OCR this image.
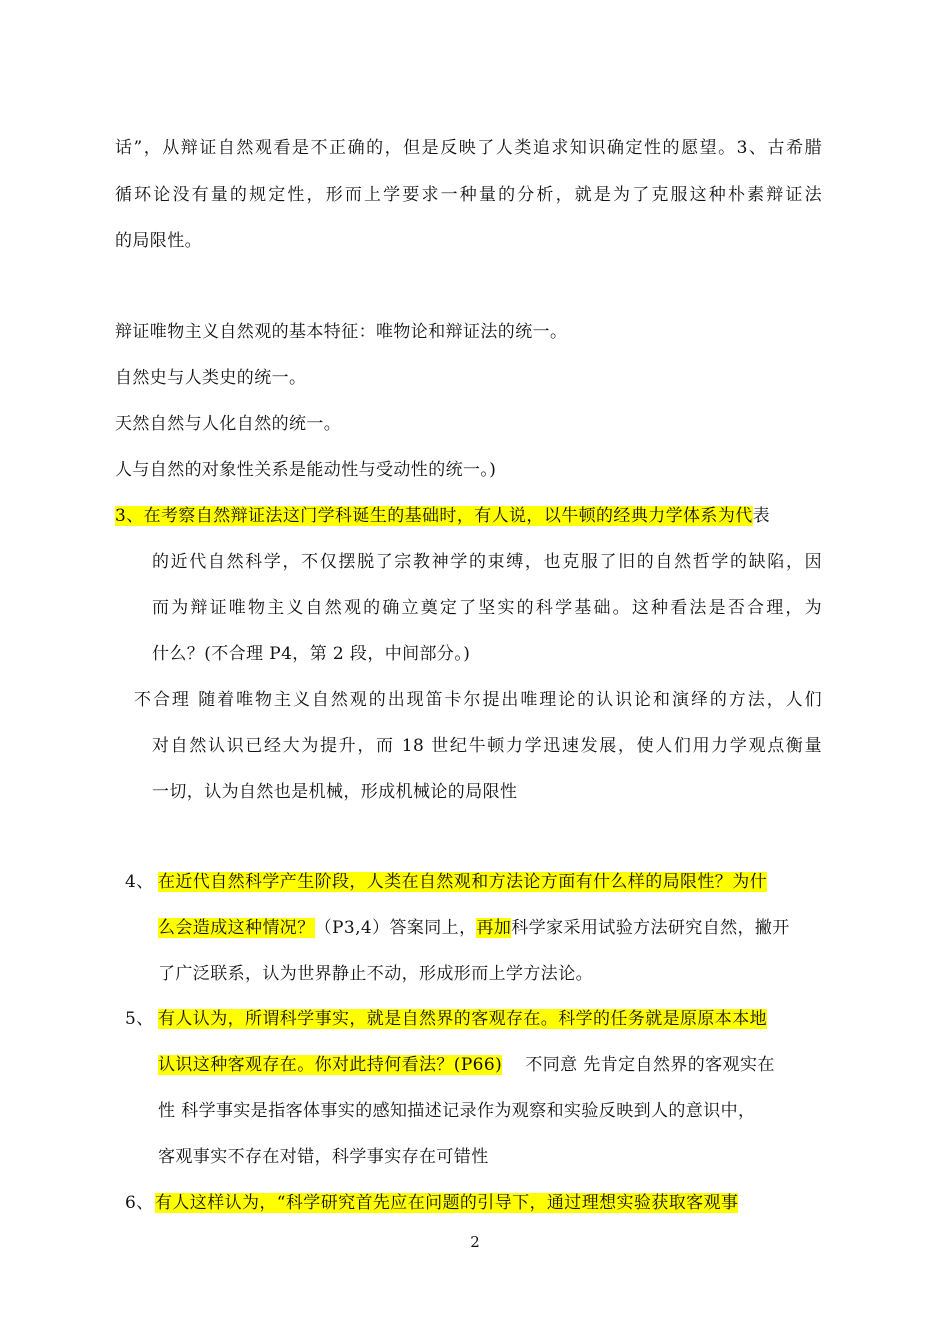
话”，从辩证自然观看是不正确的，但是反映了人类追求知识确定性的愿望。3、古希腊
循环论没有量的规定性，形而上学要求一种量的分析，就是为了克服这种朴素辩证法
的局限性。
辩证唯物主义自然观的基本特征：唯物论和辩证法的统一。
自然史与人类史的统一。
天然自然与人化自然的统一。
人与自然的对象性关系是能动性与受动性的统一。)
3、在考察自然辩证法这门学科诞生的基础时，有人说，以牛顿的经典力学体系为代表
的近代自然科学，不仅摆脱了宗教神学的束缚，也克服了旧的自然哲学的缺陷，因
而为辩证唯物主义自然观的确立奠定了坚实的科学基础。这种看法是否合理，为
什么？(不合理 P4，第 2 段，中间部分。)
不合理 随着唯物主义自然观的出现笛卡尔提出唯理论的认识论和演绎的方法，人们
对自然认识已经大为提升，而 18 世纪牛顿力学迅速发展，使人们用力学观点衡量
一切，认为自然也是机械，形成机械论的局限性
4、 在近代自然科学产生阶段，人类在自然观和方法论方面有什么样的局限性？为什
么会造成这种情况？（P3,4）答案同上，再加科学家采用试验方法研究自然，撇开
了广泛联系，认为世界静止不动，形成形而上学方法论。
5、 有人认为，所谓科学事实，就是自然界的客观存在。科学的任务就是原原本本地
认识这种客观存在。你对此持何看法？(P66)　 不同意 先肯定自然界的客观实在
性 科学事实是指客体事实的感知描述记录作为观察和实验反映到人的意识中，
客观事实不存在对错，科学事实存在可错性
6、 有人这样认为，“科学研究首先应在问题的引导下，通过理想实验获取客观事
2
